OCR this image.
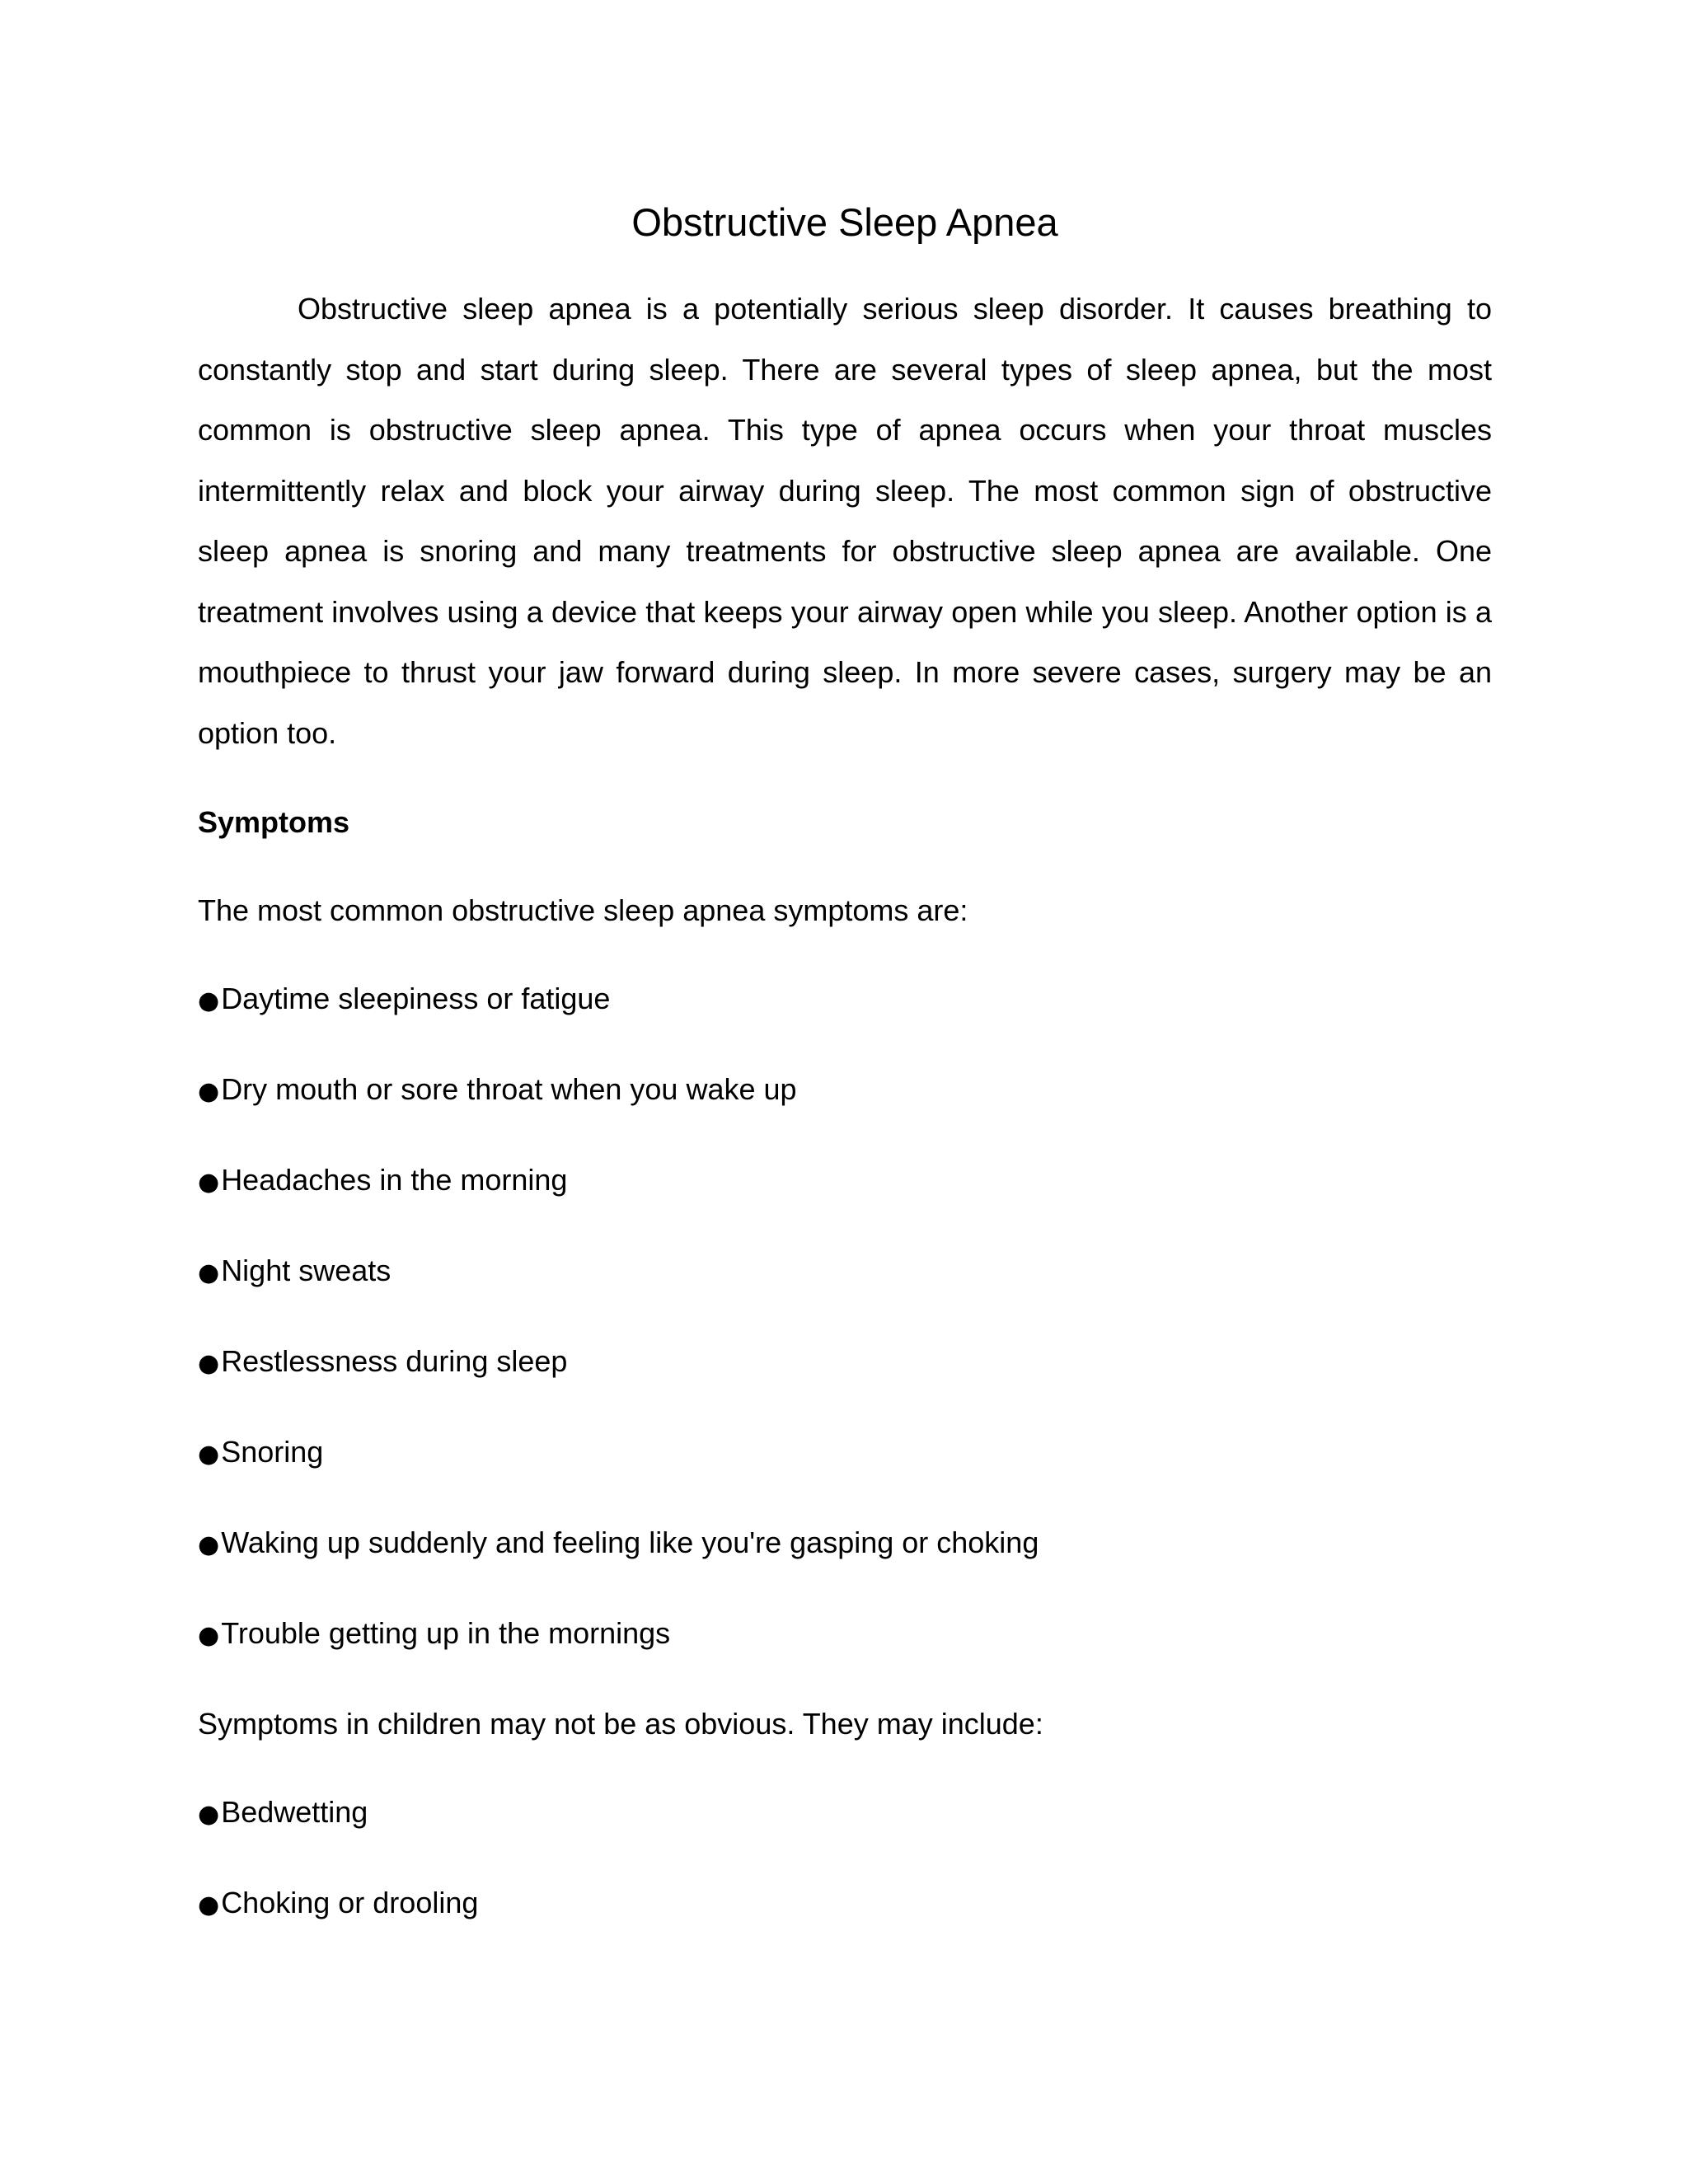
Obstructive Sleep Apnea

Obstructive sleep apnea is a potentially serious sleep disorder. It causes breathing to constantly stop and start during sleep. There are several types of sleep apnea, but the most common is obstructive sleep apnea. This type of apnea occurs when your throat muscles intermittently relax and block your airway during sleep. The most common sign of obstructive sleep apnea is snoring and many treatments for obstructive sleep apnea are available. One treatment involves using a device that keeps your airway open while you sleep. Another option is a mouthpiece to thrust your jaw forward during sleep. In more severe cases, surgery may be an option too.

Symptoms

The most common obstructive sleep apnea symptoms are:

●Daytime sleepiness or fatigue
●Dry mouth or sore throat when you wake up
●Headaches in the morning
●Night sweats
●Restlessness during sleep
●Snoring
●Waking up suddenly and feeling like you're gasping or choking
●Trouble getting up in the mornings

Symptoms in children may not be as obvious. They may include:

●Bedwetting
●Choking or drooling
